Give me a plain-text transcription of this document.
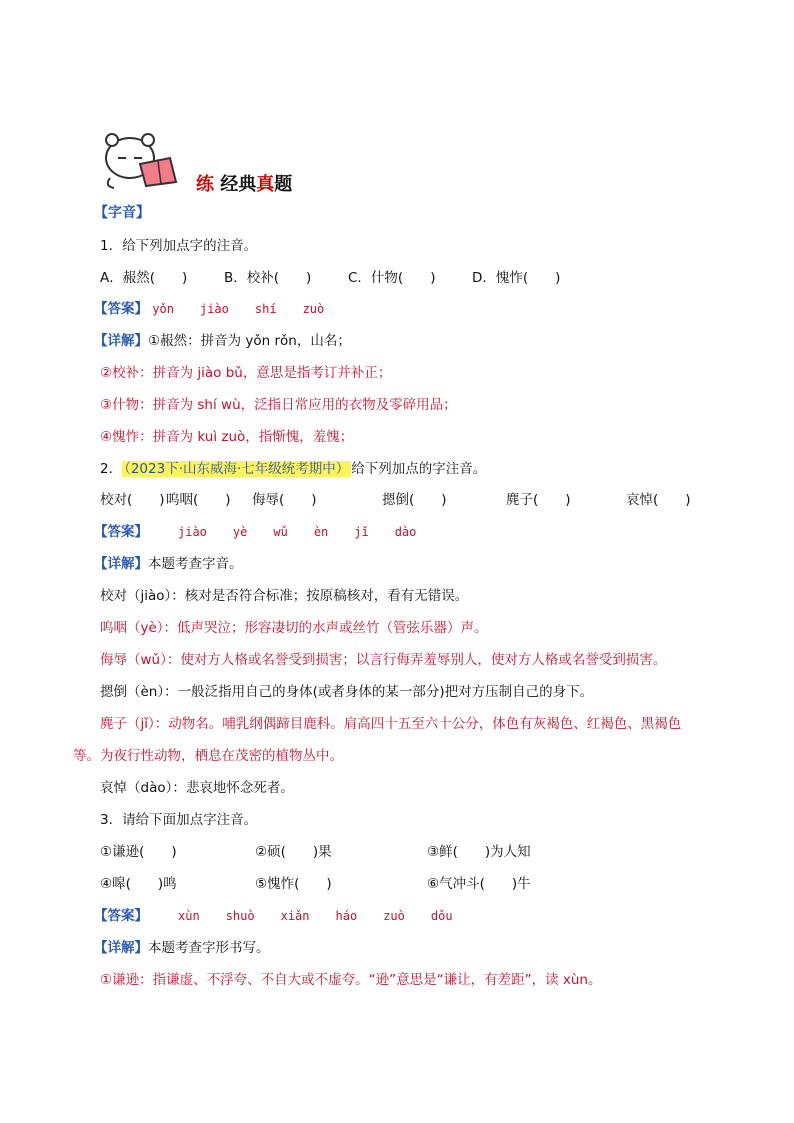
练 经典真题
【字音】
1．给下列加点字的注音。
A．赧然(　　)	B．校补(　　)	C．什物(　　)	D．愧怍(　　)
【答案】 yǒn jiào shí zuò
【详解】①赧然：拼音为 yǒn rǒn，山名；
②校补：拼音为 jiào bǔ，意思是指考订并补正；
③什物：拼音为 shí wù，泛指日常应用的衣物及零碎用品；
④愧怍：拼音为 kuì zuò，指惭愧，羞愧；
2． （2023下·山东威海·七年级统考期中） 给下列加点的字注音。
校对(　　)呜咽(　　) 侮辱(　　)	摁倒(　　)	麂子(　　)	哀悼(　　)
【答案】	jiào yè wǔ èn jǐ dào
【详解】本题考查字音。
校对（jiào）：核对是否符合标准；按原稿核对，看有无错误。
呜咽（yè）：低声哭泣；形容凄切的水声或丝竹（管弦乐器）声。
侮辱（wǔ）：使对方人格或名誉受到损害；以言行侮弄羞辱别人，使对方人格或名誉受到损害。
摁倒（èn）：一般泛指用自己的身体(或者身体的某一部分)把对方压制自己的身下。
麂子（jǐ）：动物名。哺乳纲偶蹄目鹿科。肩高四十五至六十公分，体色有灰褐色、红褐色、黑褐色
等。为夜行性动物，栖息在茂密的植物丛中。
哀悼（dào）：悲哀地怀念死者。
3．请给下面加点字注音。
①谦逊(　　)	②硕(　　)果	③鲜(　　)为人知
④嗥(　　)鸣	⑤愧怍(　　)	⑥气冲斗(　　)牛
【答案】	xùn shuò xiǎn háo zuò dǒu
【详解】本题考查字形书写。
①谦逊：指谦虚、不浮夸、不自大或不虚夸。“逊”意思是“谦让，有差距”，读 xùn。
